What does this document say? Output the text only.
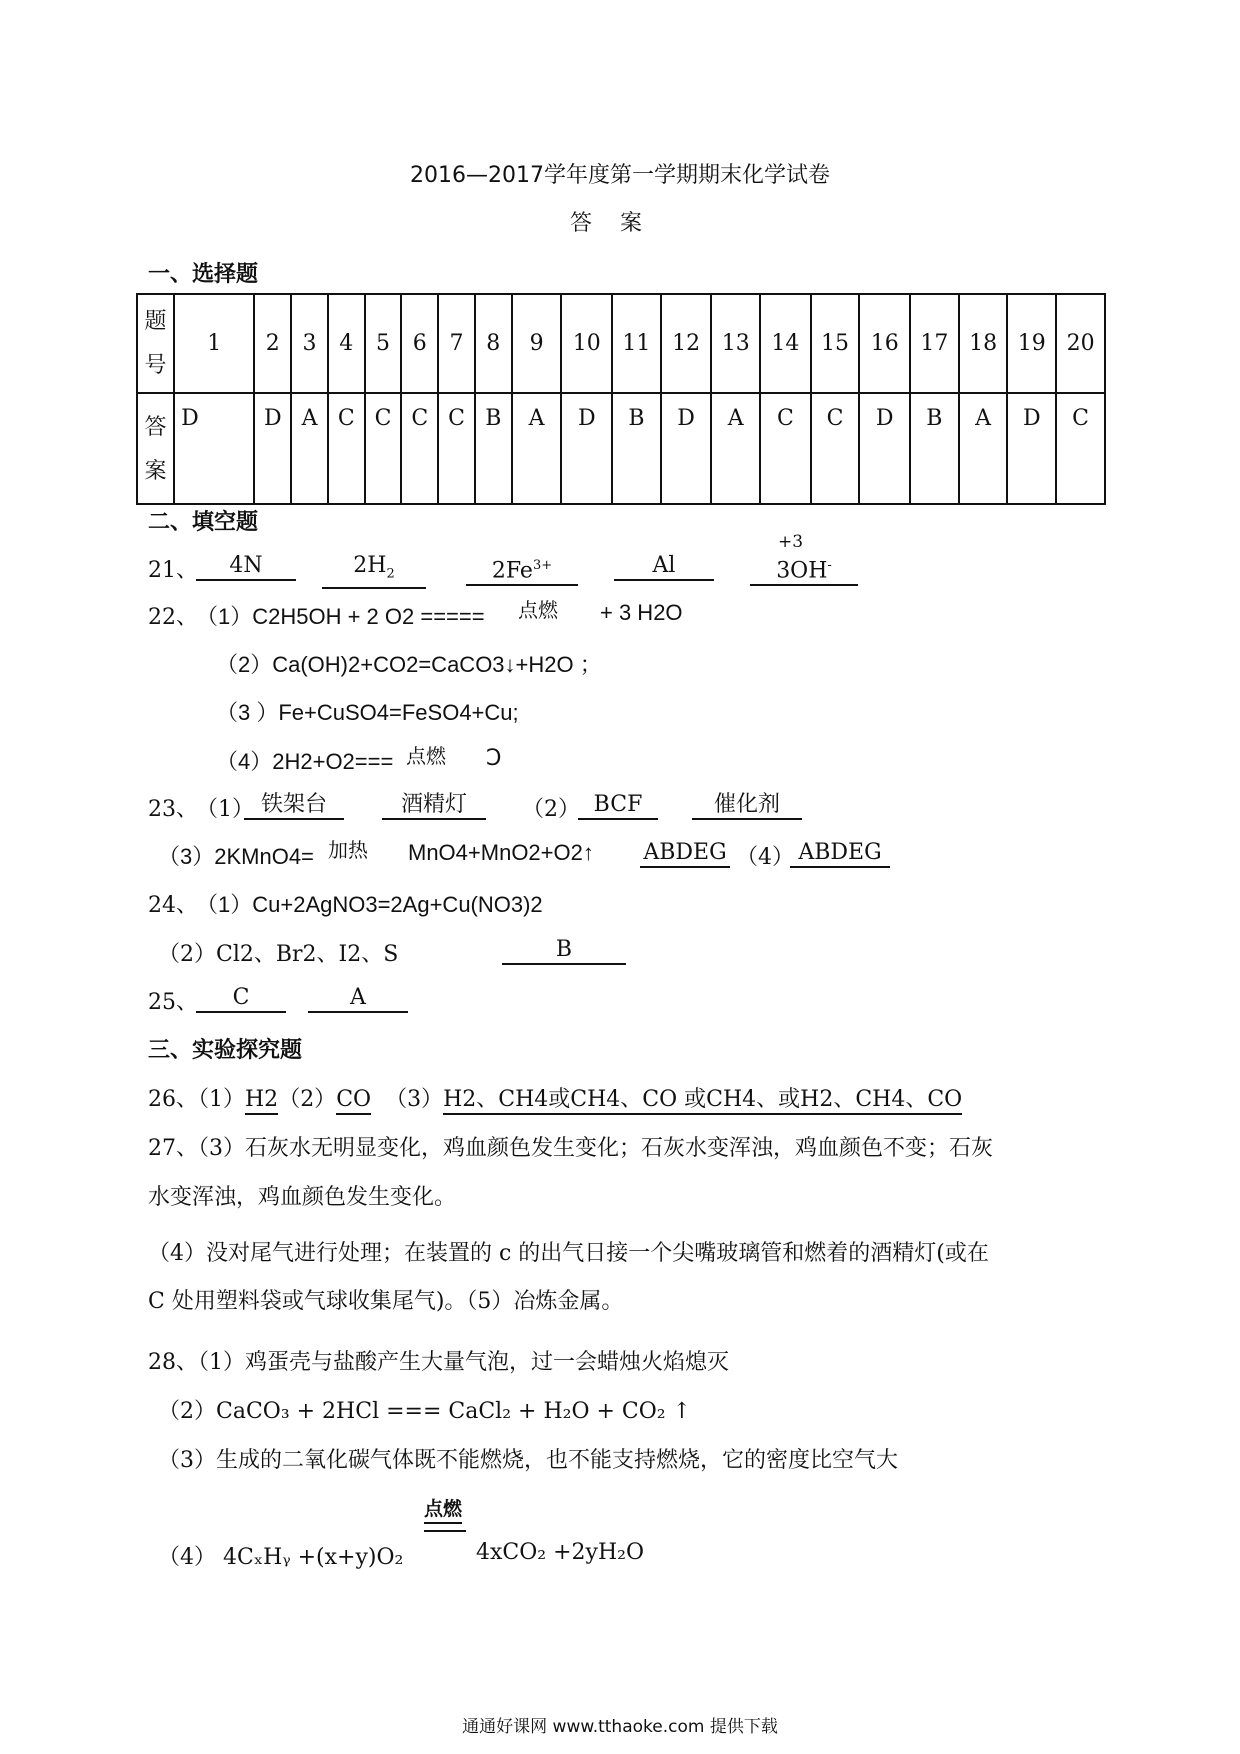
2016—2017学年度第一学期期末化学试卷
答案
一、选择题
题号	1	2	3	4	5	6	7	8	9	10	11	12	13	14	15	16	17	18	19	20
答案	D	D	A	C	C	C	C	B	A	D	B	D	A	C	C	D	B	A	D	C
二、填空题
21、	4N	$2H_2$	$2Fe^{3+}$	Al
+3
3OH-
22、
（1）C2H5OH + 2 O2 ===== 点燃 + 3 H2O
（2）Ca(OH)2+CO2=CaCO3↓+H2O ；
（3 ）Fe+CuSO4=FeSO4+Cu;
（4）2H2+O2=== 点燃 Ↄ
23、
（1） 铁架台	酒精灯	（2） BCF	催化剂
（3）2KMnO4= 加热 MnO4+MnO2+O2↑ ABDEG （4） ABDEG
24、
（1）Cu+2AgNO3=2Ag+Cu(NO3)2
（2）Cl2、Br2、I2、S	B
25、	C	A
三、实验探究题
26、（1）H2（2）CO （3）H2、CH4或CH4、CO 或CH4、或H2、CH4、CO
27、（3）石灰水无明显变化，鸡血颜色发生变化；石灰水变浑浊，鸡血颜色不变；石灰
水变浑浊，鸡血颜色发生变化。
（4）没对尾气进行处理；在装置的 c 的出气日接一个尖嘴玻璃管和燃着的酒精灯(或在
C 处用塑料袋或气球收集尾气)。（5）冶炼金属。
28、（1）鸡蛋壳与盐酸产生大量气泡，过一会蜡烛火焰熄灭
（2）CaCO₃ + 2HCl === CaCl₂ + H₂O + CO₂ ↑
（3）生成的二氧化碳气体既不能燃烧，也不能支持燃烧，它的密度比空气大
点燃
（4） 4CₓHᵧ +(x+y)O₂	4xCO₂ +2yH₂O
通通好课网 www.tthaoke.com 提供下载
